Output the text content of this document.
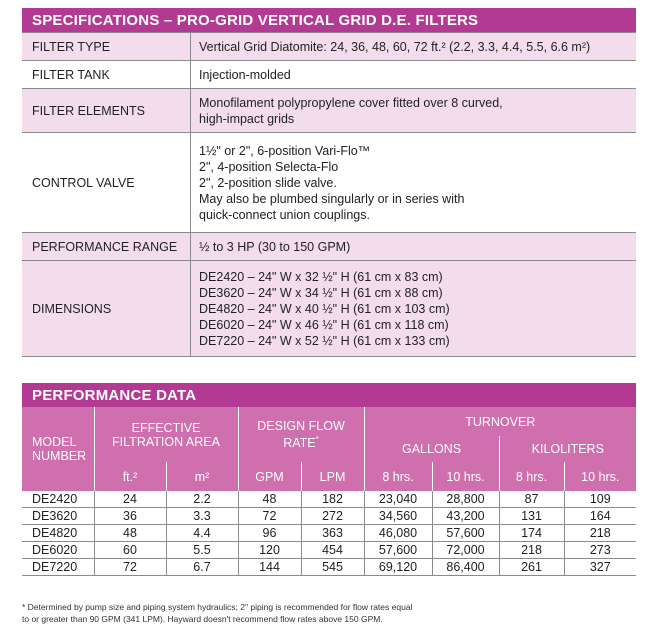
SPECIFICATIONS – PRO-GRID VERTICAL GRID D.E. FILTERS
FILTER TYPE	Vertical Grid Diatomite: 24, 36, 48, 60, 72 ft.² (2.2, 3.3, 4.4, 5.5, 6.6 m²)

FILTER TANK	Injection-molded

FILTER ELEMENTS	Monofilament polypropylene cover fitted over 8 curved,
high-impact grids

CONTROL VALVE	1½" or 2", 6-position Vari-Flo™
2", 4-position Selecta-Flo
2", 2-position slide valve.
May also be plumbed singularly or in series with
quick-connect union couplings.

PERFORMANCE RANGE	½ to 3 HP (30 to 150 GPM)

DIMENSIONS	DE2420 – 24" W x 32 ½" H (61 cm x 83 cm)
DE3620 – 24" W x 34 ½" H (61 cm x 88 cm)
DE4820 – 24" W x 40 ½" H (61 cm x 103 cm)
DE6020 – 24" W x 46 ½" H (61 cm x 118 cm)
DE7220 – 24" W x 52 ½" H (61 cm x 133 cm)
PERFORMANCE DATA
MODEL NUMBER	EFFECTIVE FILTRATION AREA		DESIGN FLOW RATE*		TURNOVER			
					GALLONS		KILOLITERS	
	ft.²	m²	GPM	LPM	8 hrs.	10 hrs.	8 hrs.	10 hrs.
DE2420	24	2.2	48	182	23,040	28,800	87	109
DE3620	36	3.3	72	272	34,560	43,200	131	164
DE4820	48	4.4	96	363	46,080	57,600	174	218
DE6020	60	5.5	120	454	57,600	72,000	218	273
DE7220	72	6.7	144	545	69,120	86,400	261	327
* Determined by pump size and piping system hydraulics; 2" piping is recommended for flow rates equal
to or greater than 90 GPM (341 LPM). Hayward doesn't recommend flow rates above 150 GPM.
